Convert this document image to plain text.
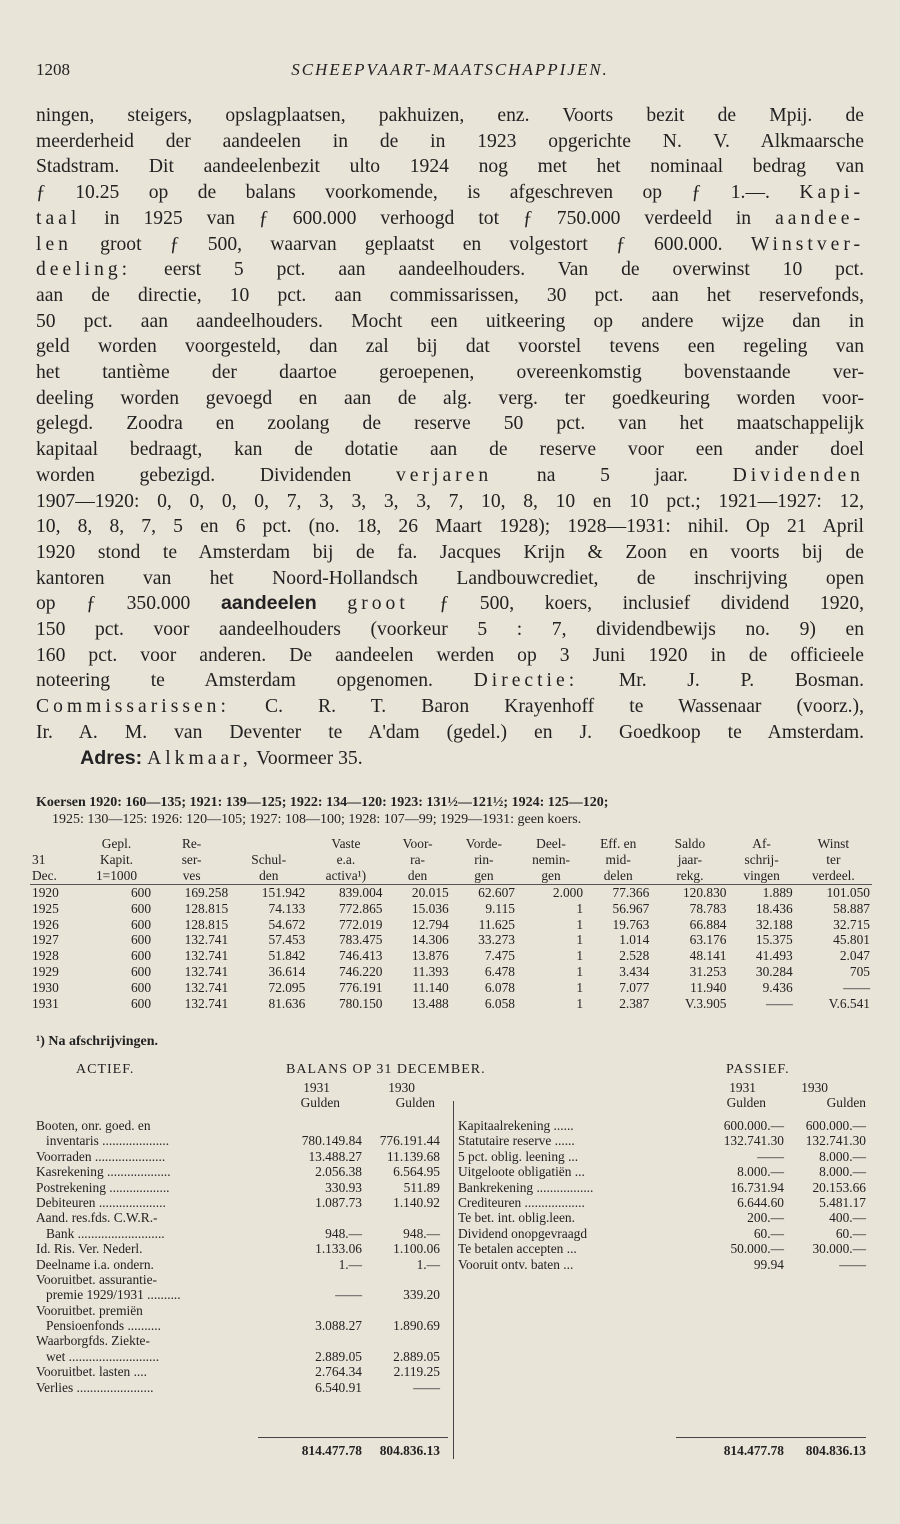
1208	SCHEEPVAART-MAATSCHAPPIJEN.
ningen, steigers, opslagplaatsen, pakhuizen, enz. Voorts bezit de Mpij. de
meerderheid der aandeelen in de in 1923 opgerichte N. V. Alkmaarsche
Stadstram. Dit aandeelenbezit ulto 1924 nog met het nominaal bedrag van
ƒ 10.25 op de balans voorkomende, is afgeschreven op ƒ 1.—. Kapi-
taal in 1925 van ƒ 600.000 verhoogd tot ƒ 750.000 verdeeld in aandee-
len groot ƒ 500, waarvan geplaatst en volgestort ƒ 600.000. Winstver-
deeling: eerst 5 pct. aan aandeelhouders. Van de overwinst 10 pct.
aan de directie, 10 pct. aan commissarissen, 30 pct. aan het reservefonds,
50 pct. aan aandeelhouders. Mocht een uitkeering op andere wijze dan in
geld worden voorgesteld, dan zal bij dat voorstel tevens een regeling van
het tantième der daartoe geroepenen, overeenkomstig bovenstaande ver-
deeling worden gevoegd en aan de alg. verg. ter goedkeuring worden voor-
gelegd. Zoodra en zoolang de reserve 50 pct. van het maatschappelijk
kapitaal bedraagt, kan de dotatie aan de reserve voor een ander doel
worden gebezigd. Dividenden verjaren na 5 jaar. Dividenden
1907—1920: 0, 0, 0, 0, 7, 3, 3, 3, 3, 7, 10, 8, 10 en 10 pct.; 1921—1927: 12,
10, 8, 8, 7, 5 en 6 pct. (no. 18, 26 Maart 1928); 1928—1931: nihil. Op 21 April
1920 stond te Amsterdam bij de fa. Jacques Krijn & Zoon en voorts bij de
kantoren van het Noord-Hollandsch Landbouwcrediet, de inschrijving open
op ƒ 350.000 aandeelen groot ƒ 500, koers, inclusief dividend 1920,
150 pct. voor aandeelhouders (voorkeur 5 : 7, dividendbewijs no. 9) en
160 pct. voor anderen. De aandeelen werden op 3 Juni 1920 in de officieele
noteering te Amsterdam opgenomen. Directie: Mr. J. P. Bosman.
Commissarissen: C. R. T. Baron Krayenhoff te Wassenaar (voorz.),
Ir. A. M. van Deventer te A'dam (gedel.) en J. Goedkoop te Amsterdam.
Adres: Alkmaar, Voormeer 35.
Koersen 1920: 160—135; 1921: 139—125; 1922: 134—120: 1923: 131½—121½; 1924: 125—120;
1925: 130—125: 1926: 120—105; 1927: 108—100; 1928: 107—99; 1929—1931: geen koers.
	Gepl.	Re-		Vaste	Voor-	Vorde-	Deel-	Eff. en	Saldo	Af-	Winst
31	Kapit.	ser-	Schul-	e.a.	ra-	rin-	nemin-	mid-	jaar-	schrij-	ter
Dec.	1=1000	ves	den	activa¹)	den	gen	gen	delen	rekg.	vingen	verdeel.
1920	600	169.258	151.942	839.004	20.015	62.607	2.000	77.366	120.830	1.889	101.050
1925	600	128.815	74.133	772.865	15.036	9.115	1	56.967	78.783	18.436	58.887
1926	600	128.815	54.672	772.019	12.794	11.625	1	19.763	66.884	32.188	32.715
1927	600	132.741	57.453	783.475	14.306	33.273	1	1.014	63.176	15.375	45.801
1928	600	132.741	51.842	746.413	13.876	7.475	1	2.528	48.141	41.493	2.047
1929	600	132.741	36.614	746.220	11.393	6.478	1	3.434	31.253	30.284	705
1930	600	132.741	72.095	776.191	11.140	6.078	1	7.077	11.940	9.436	——
1931	600	132.741	81.636	780.150	13.488	6.058	1	2.387	V.3.905	——	V.6.541
¹) Na afschrijvingen.
ACTIEF.	BALANS OP 31 DECEMBER.	PASSIEF.
1931	1930
Gulden	Gulden
1931	1930
Gulden	Gulden
Booten, onr. goed. en
inventaris ....................	780.149.84 776.191.44
Voorraden .....................	13.488.27 11.139.68
Kasrekening ...................	2.056.38 6.564.95
Postrekening ..................	330.93	511.89
Debiteuren ....................	1.087.73 1.140.92
Aand. res.fds. C.W.R.-
Bank ..........................	948.—	948.—
Id. Ris. Ver. Nederl.	1.133.06 1.100.06
Deelname i.a. ondern.	1.—	1.—
Vooruitbet. assurantie-
premie 1929/1931 ..........	——	339.20
Vooruitbet. premiën
Pensioenfonds ..........	3.088.27 1.890.69
Waarborgfds. Ziekte-
wet ...........................	2.889.05 2.889.05
Vooruitbet. lasten ....	2.764.34 2.119.25
Verlies .......................	6.540.91	——
Kapitaalrekening ......	600.000.— 600.000.—
Statutaire reserve ......	132.741.30 132.741.30
5 pct. oblig. leening ...	——	8.000.—
Uitgeloote obligatiën ...	8.000.—	8.000.—
Bankrekening .................	16.731.94 20.153.66
Crediteuren ..................	6.644.60	5.481.17
Te bet. int. oblig.leen.	200.—	400.—
Dividend onopgevraagd	60.—	60.—
Te betalen accepten ...	50.000.— 30.000.—
Vooruit ontv. baten ...	99.94	——
814.477.78 804.836.13	814.477.78 804.836.13
